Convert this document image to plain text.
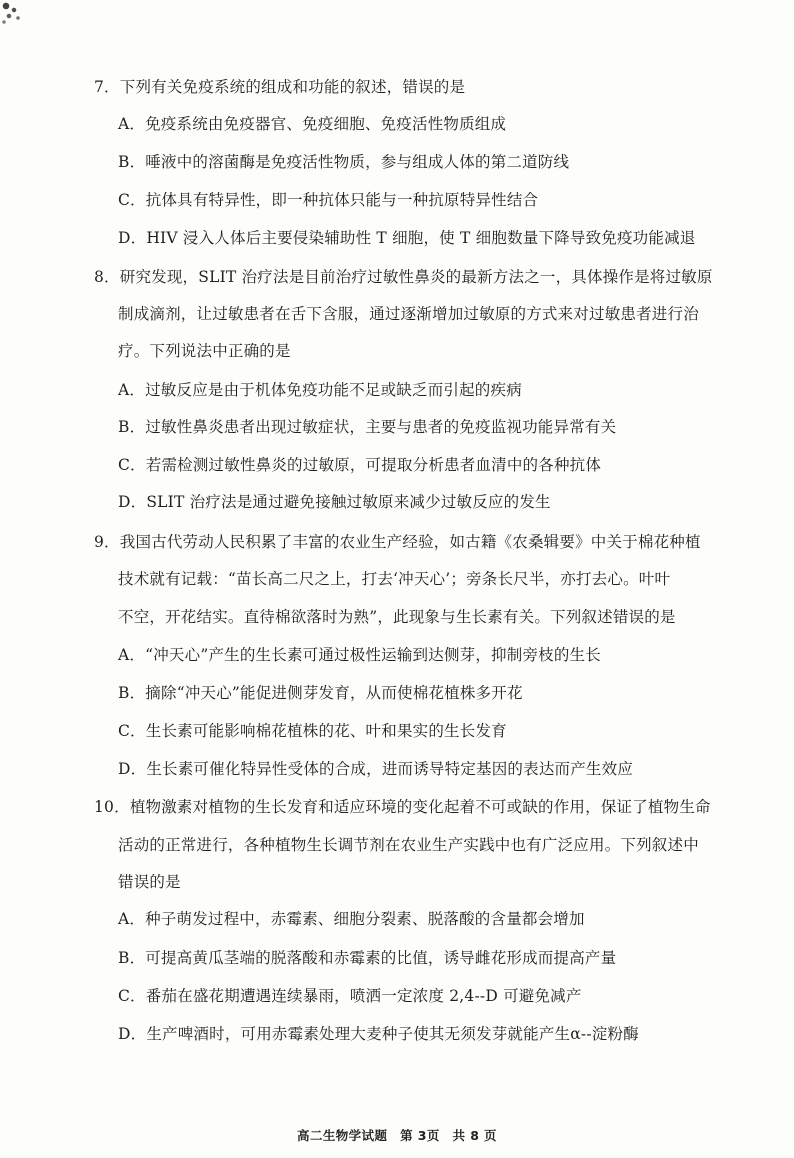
7．下列有关免疫系统的组成和功能的叙述，错误的是
A．免疫系统由免疫器官、免疫细胞、免疫活性物质组成
B．唾液中的溶菌酶是免疫活性物质，参与组成人体的第二道防线
C．抗体具有特异性，即一种抗体只能与一种抗原特异性结合
D．HIV 浸入人体后主要侵染辅助性 T 细胞，使 T 细胞数量下降导致免疫功能减退
8．研究发现，SLIT 治疗法是目前治疗过敏性鼻炎的最新方法之一，具体操作是将过敏原
制成滴剂，让过敏患者在舌下含服，通过逐渐增加过敏原的方式来对过敏患者进行治
疗。下列说法中正确的是
A．过敏反应是由于机体免疫功能不足或缺乏而引起的疾病
B．过敏性鼻炎患者出现过敏症状，主要与患者的免疫监视功能异常有关
C．若需检测过敏性鼻炎的过敏原，可提取分析患者血清中的各种抗体
D．SLIT 治疗法是通过避免接触过敏原来减少过敏反应的发生
9．我国古代劳动人民积累了丰富的农业生产经验，如古籍《农桑辑要》中关于棉花种植
技术就有记载：“苗长高二尺之上，打去‘冲天心’；旁条长尺半，亦打去心。叶叶
不空，开花结实。直待棉欲落时为熟”，此现象与生长素有关。下列叙述错误的是
A．“冲天心”产生的生长素可通过极性运输到达侧芽，抑制旁枝的生长
B．摘除“冲天心”能促进侧芽发育，从而使棉花植株多开花
C．生长素可能影响棉花植株的花、叶和果实的生长发育
D．生长素可催化特异性受体的合成，进而诱导特定基因的表达而产生效应
10．植物激素对植物的生长发育和适应环境的变化起着不可或缺的作用，保证了植物生命
活动的正常进行，各种植物生长调节剂在农业生产实践中也有广泛应用。下列叙述中
错误的是
A．种子萌发过程中，赤霉素、细胞分裂素、脱落酸的含量都会增加
B．可提高黄瓜茎端的脱落酸和赤霉素的比值，诱导雌花形成而提高产量
C．番茄在盛花期遭遇连续暴雨，喷洒一定浓度 2,4--D 可避免减产
D．生产啤酒时，可用赤霉素处理大麦种子使其无须发芽就能产生α--淀粉酶
高二生物学试题 第 3页 共 8 页
